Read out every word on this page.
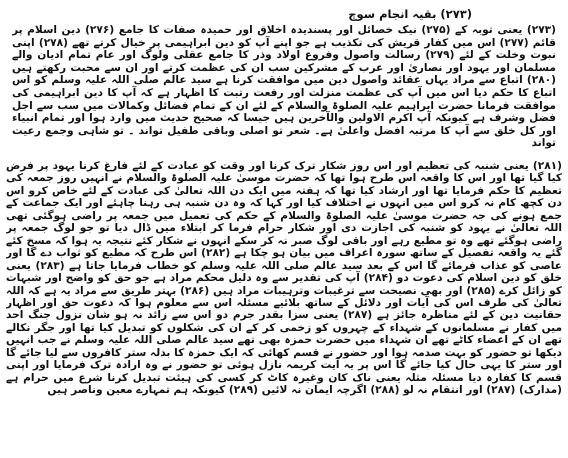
(۲۷۳) بقیہ انجام سوچ
(۲۷۳) یعنی توبہ کے (۲۷۵) نیک خصائل اور پسندیدہ اخلاق اور حمیدہ صفات کا جامع (۲۷۶) دین اسلام پر قائم (۲۷۷) اس میں کفار قریش کی تکذیب ہے جو اپنے آپ کو دین ابراہیمی پر خیال کرتے تھے (۲۷۸) اپنی نبوت وخلت کے لئے (۲۷۹) رسالت واصول وفروع اولاد وذر کا جامع عقلی ولوگ اور عام تمام ادیان والے مسلمان اور یہود اور نصاریٰ اور عرب کے مشرکین سب ان کی عظمت کرتے اور ان سے محبت رکھتے ہیں (۲۸۰) اتباع سے مراد یہاں عقائد واصول دین میں موافقت کرنا ہے سید عالم صلی اللہ علیہ وسلم کو اس اتباع کا حکم دیا اس میں آپ کی عظمت منزلت اور رفعت رتبت کا اظہار ہے کہ آپ کا دین ابراہیمی کی موافقت فرمانا حضرت ابراہیم علیہ الصلوۃ والسلام کے لئے ان کے تمام فضائل وکمالات میں سب سے اجل فضل وشرف ہے کیونکہ آپ اکرم الاولین والآخرین ہیں جیسا کہ صحیح حدیث میں وارد ہوا اور تمام انبیاء اور کل خلق سے آپ کا مرتبہ افضل واعلیٰ ہے۔ شعر تو اصلی وباقی طفیل تواند ۔ تو شاہی وجمع رعیت تواند
(۲۸۱) یعنی شنبہ کی تعظیم اور اس روز شکار ترک کرنا اور وقت کو عبادت کے لئے فارغ کرنا یہود پر فرض کیا گیا تھا اور اس کا واقعہ اس طرح ہوا تھا کہ حضرت موسیٰ علیہ الصلوۃ والسلام نے انہیں روز جمعہ کی تعظیم کا حکم فرمایا تھا اور ارشاد کیا تھا کہ ہفتہ میں ایک دن اللہ تعالیٰ کی عبادت کے لئے خاص کرو اس دن کچھ کام نہ کرو اس میں انہوں نے اختلاف کیا اور کہا کہ وہ دن شنبہ ہی رہنا چاہئے اور ایک جماعت کے جمع ہونے کی جہ حضرت موسیٰ علیہ الصلوۃ والسلام کے حکم کی تعمیل میں جمعہ پر راضی ہوگئی تھی اللہ تعالیٰ نے یہود کو شنبہ کی اجازت دی اور شکار حرام فرما کر ابتلاء میں ڈال دیا تو جو لوگ جمعہ پر راضی ہوگئے تھے وہ تو مطیع رہے اور باقی لوگ صبر نہ کر سکے انہوں نے شکار کئے نتیجہ یہ ہوا کہ مسخ کئے گئے یہ واقعہ تفصیل کے ساتھ سورہ اعراف میں بیان ہو چکا ہے (۲۸۲) اس طرح کہ مطیع کو ثواب دے گا اور عاصی کو عذاب فرمائے گا اس کے بعد سید عالم صلی اللہ علیہ وسلم کو خطاب فرمایا جاتا ہے (۲۸۳) یعنی خلق کو دین اسلام کی دعوت دو (۲۸۴) آپ کی تقدیر سے وہ دلیل محکم مراد ہے جو حق کو واضح اور شبہات کو زائل کرے (۲۸۵) اور بھی نصیحت سے ترغیبات وترہیبات مراد ہیں (۲۸۶) بہتر طریق سے مراد یہ ہے کہ اللہ تعالیٰ کی طرف اس کی آیات اور دلائل کے ساتھ بلائیے مسئلہ اس سے معلوم ہوا کہ دعوت حق اور اظہار حقانیت دین کے لئے مناظرہ جائز ہے (۲۸۷) یعنی سزا بقدر جرم دو اس سے زائد نہ ہو شان نزول جنگ احد میں کفار نے مسلمانوں کے شہداء کے چہروں کو زخمی کر کے ان کی شکلوں کو تبدیل کیا تھا اور جگر نکالے تھے ان کے اعضاء کاٹے تھے ان شہداء میں حضرت حمزہ بھی تھے سید عالم صلی اللہ علیہ وسلم نے جب انہیں دیکھا تو حضور کو بہت صدمہ ہوا اور حضور نے قسم کھائی کہ ایک حمزہ کا بدلہ ستر کافروں سے لیا جائے گا اور ستر کا یہی حال کیا جائے گا اس پر یہ آیت کریمہ نازل ہوئی تو حضور نے وہ ارادہ ترک فرمایا اور اپنی قسم کا کفارہ دیا مسئلہ مثلہ یعنی ناک کان وغیرہ کاٹ کر کسی کی ہیئت تبدیل کرنا شرع میں حرام ہے (مدارک) (۲۸۷) اور انتقام نہ لو (۲۸۸) اگرچہ ایمان نہ لائیں (۲۸۹) کیونکہ ہم تمہارے معین وناصر ہیں
